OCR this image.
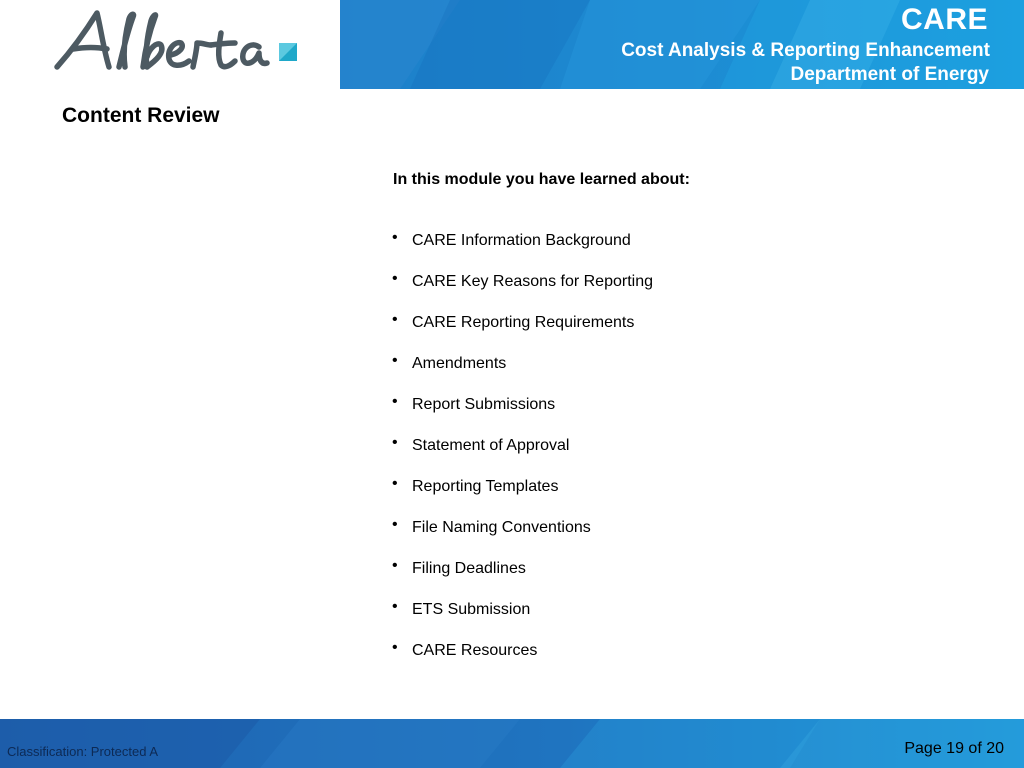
CARE
Cost Analysis & Reporting Enhancement
Department of Energy
Content Review
In this module you have learned about:
• CARE Information Background
• CARE Key Reasons for Reporting
• CARE Reporting Requirements
• Amendments
• Report Submissions
• Statement of Approval
• Reporting Templates
• File Naming Conventions
• Filing Deadlines
• ETS Submission
• CARE Resources
Classification: Protected A	Page 19 of 20
